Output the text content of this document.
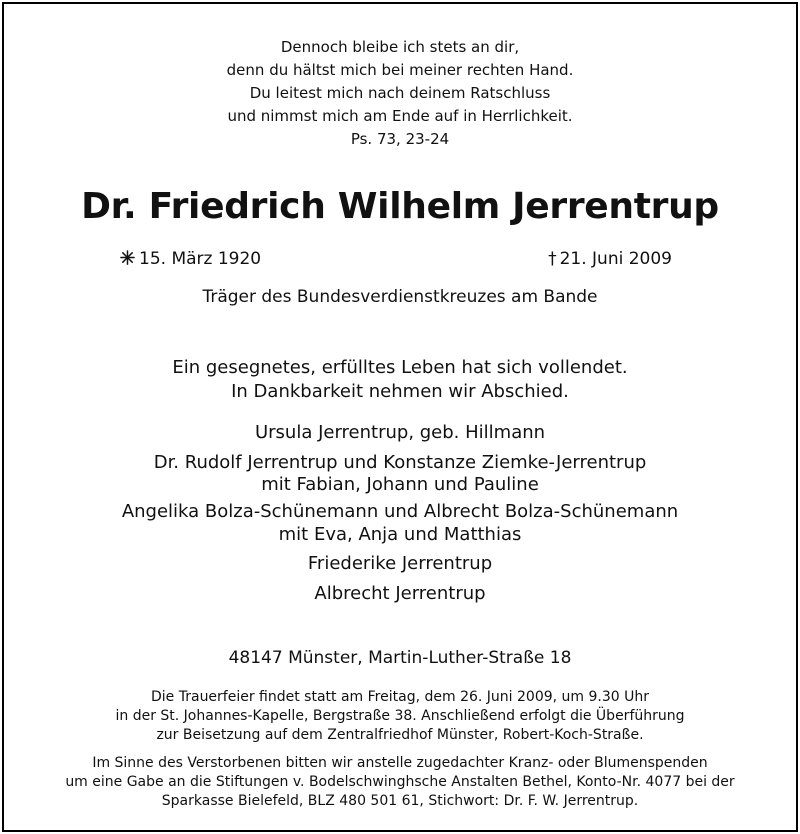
Dennoch bleibe ich stets an dir,
denn du hältst mich bei meiner rechten Hand.
Du leitest mich nach deinem Ratschluss
und nimmst mich am Ende auf in Herrlichkeit.
Ps. 73, 23-24
Dr. Friedrich Wilhelm Jerrentrup
15. März 1920	† 21. Juni 2009
Träger des Bundesverdienstkreuzes am Bande
Ein gesegnetes, erfülltes Leben hat sich vollendet.
In Dankbarkeit nehmen wir Abschied.
Ursula Jerrentrup, geb. Hillmann
Dr. Rudolf Jerrentrup und Konstanze Ziemke-Jerrentrup
mit Fabian, Johann und Pauline
Angelika Bolza-Schünemann und Albrecht Bolza-Schünemann
mit Eva, Anja und Matthias
Friederike Jerrentrup
Albrecht Jerrentrup
48147 Münster, Martin-Luther-Straße 18
Die Trauerfeier findet statt am Freitag, dem 26. Juni 2009, um 9.30 Uhr
in der St. Johannes-Kapelle, Bergstraße 38. Anschließend erfolgt die Überführung
zur Beisetzung auf dem Zentralfriedhof Münster, Robert-Koch-Straße.
Im Sinne des Verstorbenen bitten wir anstelle zugedachter Kranz- oder Blumenspenden
um eine Gabe an die Stiftungen v. Bodelschwinghsche Anstalten Bethel, Konto-Nr. 4077 bei der
Sparkasse Bielefeld, BLZ 480 501 61, Stichwort: Dr. F. W. Jerrentrup.
